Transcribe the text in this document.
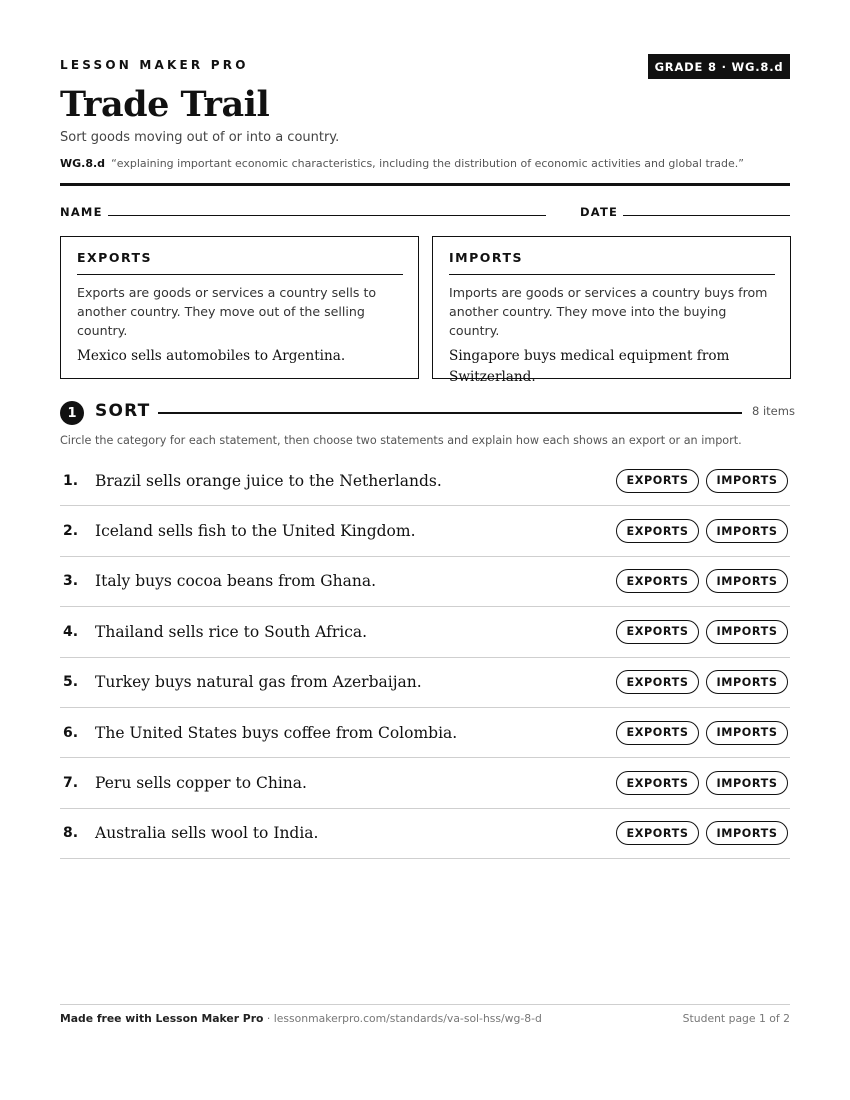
LESSON MAKER PRO	GRADE 8 · WG.8.d
Trade Trail
Sort goods moving out of or into a country.
WG.8.d “explaining important economic characteristics, including the distribution of economic activities and global trade.”
NAME	DATE
EXPORTS
Exports are goods or services a country sells to another country. They move out of the selling country.
Mexico sells automobiles to Argentina.
IMPORTS
Imports are goods or services a country buys from another country. They move into the buying country.
Singapore buys medical equipment from Switzerland.
1	SORT	8 items
Circle the category for each statement, then choose two statements and explain how each shows an export or an import.
1. Brazil sells orange juice to the Netherlands.	EXPORTS	IMPORTS
2. Iceland sells fish to the United Kingdom.	EXPORTS	IMPORTS
3. Italy buys cocoa beans from Ghana.	EXPORTS	IMPORTS
4. Thailand sells rice to South Africa.	EXPORTS	IMPORTS
5. Turkey buys natural gas from Azerbaijan.	EXPORTS	IMPORTS
6. The United States buys coffee from Colombia.	EXPORTS	IMPORTS
7. Peru sells copper to China.	EXPORTS	IMPORTS
8. Australia sells wool to India.	EXPORTS	IMPORTS
Made free with Lesson Maker Pro · lessonmakerpro.com/standards/va-sol-hss/wg-8-d	Student page 1 of 2
